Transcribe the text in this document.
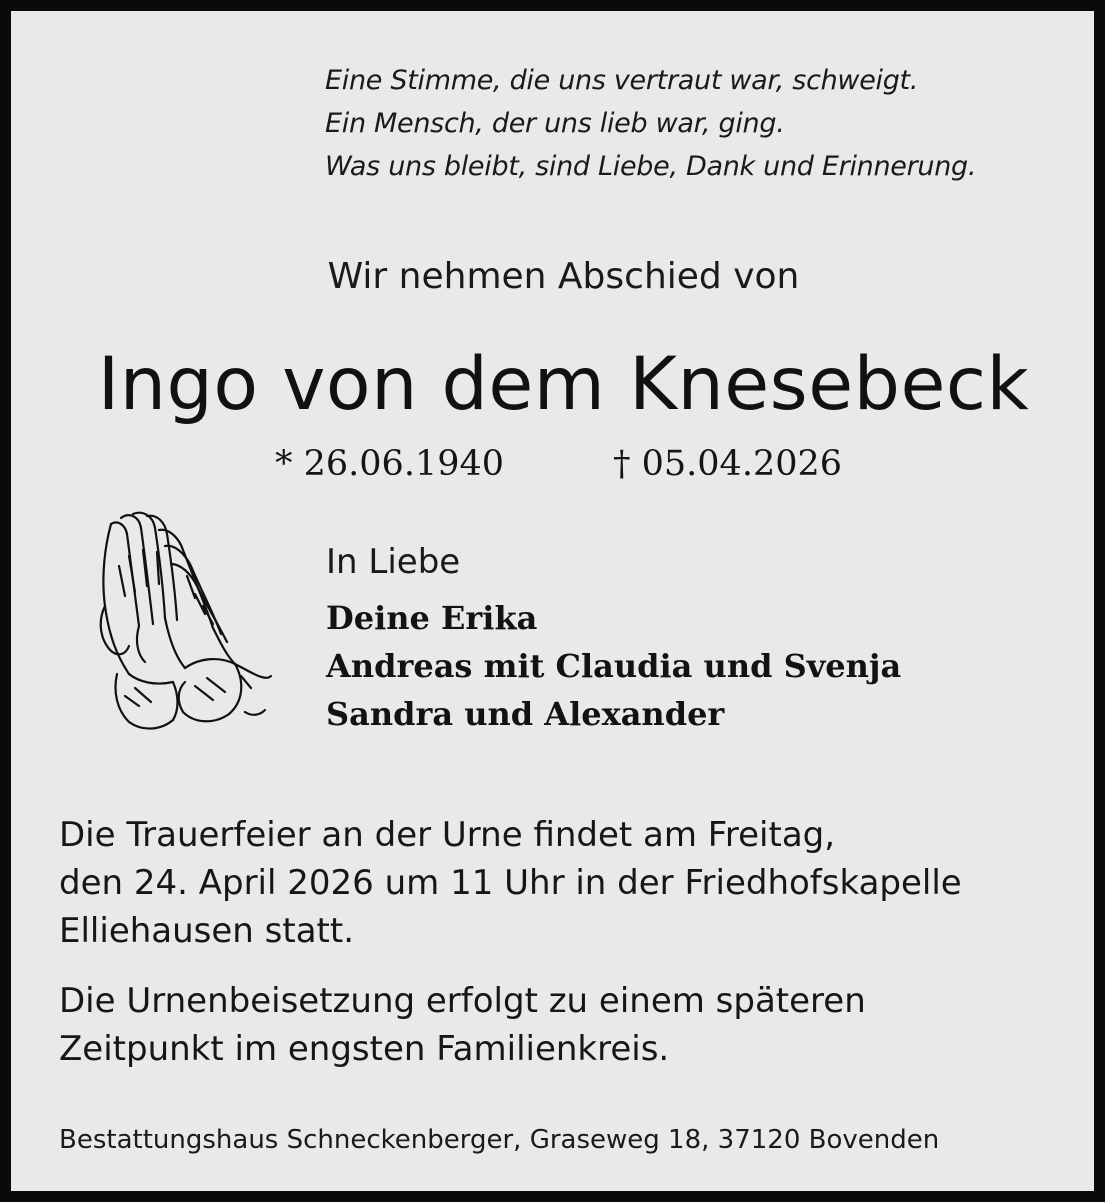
Eine Stimme, die uns vertraut war, schweigt.
Ein Mensch, der uns lieb war, ging.
Was uns bleibt, sind Liebe, Dank und Erinnerung.
Wir nehmen Abschied von
Ingo von dem Knesebeck
* 26.06.1940	† 05.04.2026
In Liebe
Deine Erika
Andreas mit Claudia und Svenja
Sandra und Alexander
Die Trauerfeier an der Urne findet am Freitag,
den 24. April 2026 um 11 Uhr in der Friedhofskapelle
Elliehausen statt.
Die Urnenbeisetzung erfolgt zu einem späteren
Zeitpunkt im engsten Familienkreis.
Bestattungshaus Schneckenberger, Graseweg 18, 37120 Bovenden
